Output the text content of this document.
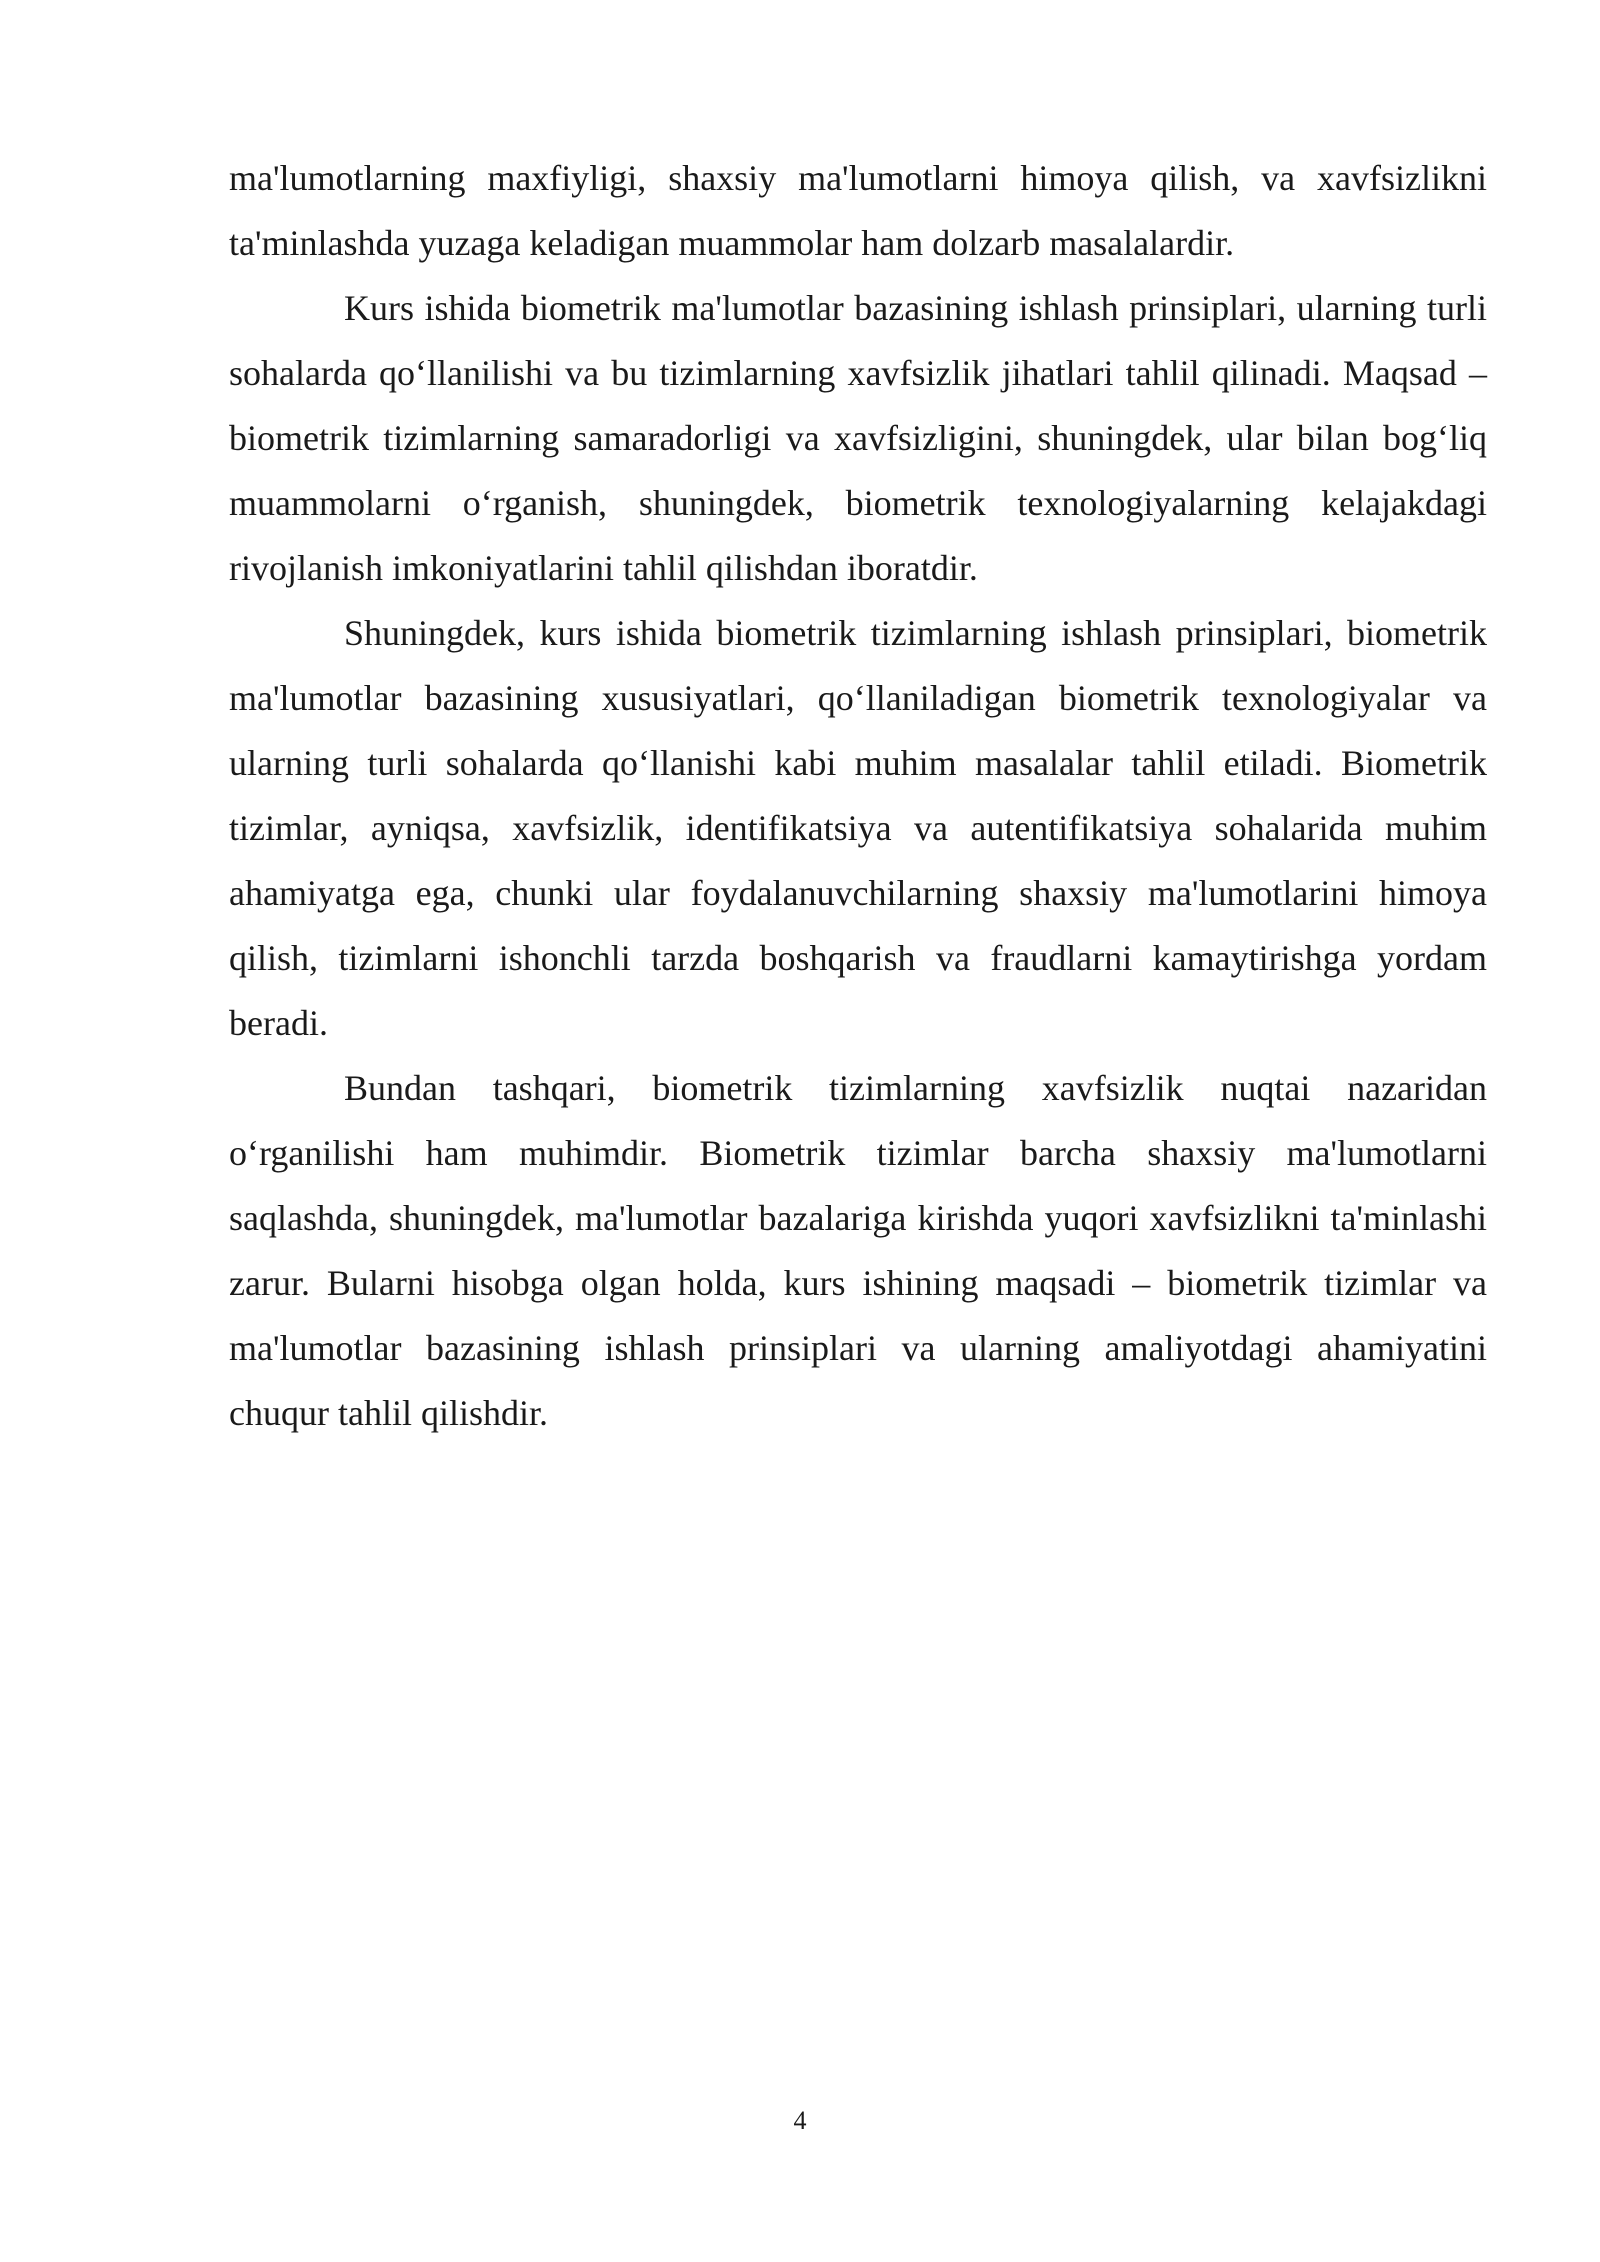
ma'lumotlarning maxfiyligi, shaxsiy ma'lumotlarni himoya qilish, va xavfsizlikni ta'minlashda yuzaga keladigan muammolar ham dolzarb masalalardir.

Kurs ishida biometrik ma'lumotlar bazasining ishlash prinsiplari, ularning turli sohalarda qo‘llanilishi va bu tizimlarning xavfsizlik jihatlari tahlil qilinadi. Maqsad – biometrik tizimlarning samaradorligi va xavfsizligini, shuningdek, ular bilan bog‘liq muammolarni o‘rganish, shuningdek, biometrik texnologiyalarning kelajakdagi rivojlanish imkoniyatlarini tahlil qilishdan iboratdir.

Shuningdek, kurs ishida biometrik tizimlarning ishlash prinsiplari, biometrik ma'lumotlar bazasining xususiyatlari, qo‘llaniladigan biometrik texnologiyalar va ularning turli sohalarda qo‘llanishi kabi muhim masalalar tahlil etiladi. Biometrik tizimlar, ayniqsa, xavfsizlik, identifikatsiya va autentifikatsiya sohalarida muhim ahamiyatga ega, chunki ular foydalanuvchilarning shaxsiy ma'lumotlarini himoya qilish, tizimlarni ishonchli tarzda boshqarish va fraudlarni kamaytirishga yordam beradi.

Bundan tashqari, biometrik tizimlarning xavfsizlik nuqtai nazaridan o‘rganilishi ham muhimdir. Biometrik tizimlar barcha shaxsiy ma'lumotlarni saqlashda, shuningdek, ma'lumotlar bazalariga kirishda yuqori xavfsizlikni ta'minlashi zarur. Bularni hisobga olgan holda, kurs ishining maqsadi – biometrik tizimlar va ma'lumotlar bazasining ishlash prinsiplari va ularning amaliyotdagi ahamiyatini chuqur tahlil qilishdir.

4
